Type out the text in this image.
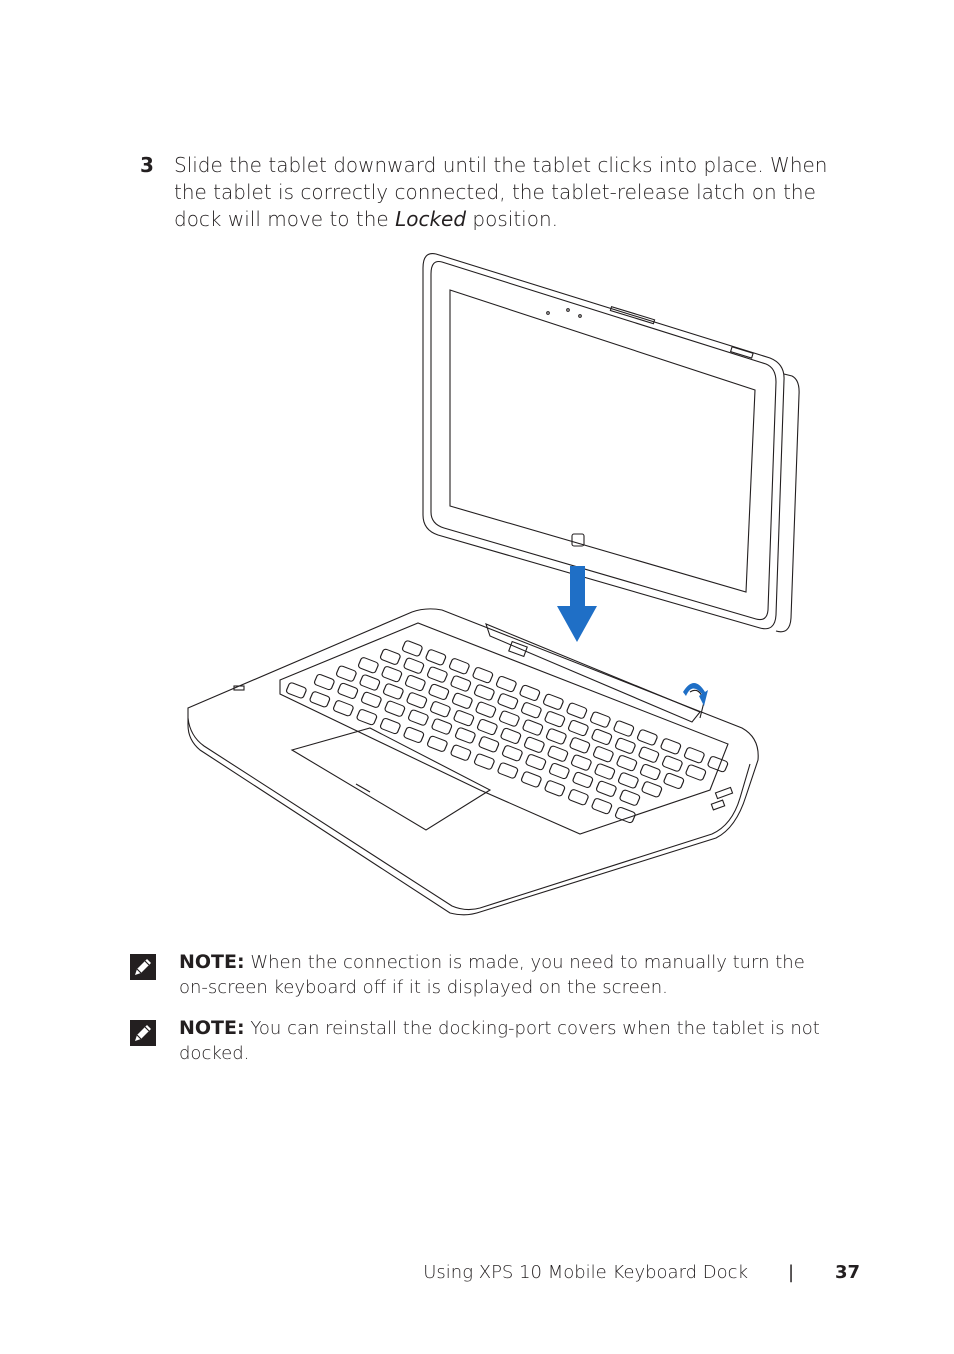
3 Slide the tablet downward until the tablet clicks into place. When the tablet is correctly connected, the tablet-release latch on the dock will move to the Locked position.
NOTE: When the connection is made, you need to manually turn the on-screen keyboard off if it is displayed on the screen.
NOTE: You can reinstall the docking-port covers when the tablet is not docked.
Using XPS 10 Mobile Keyboard Dock | 37
